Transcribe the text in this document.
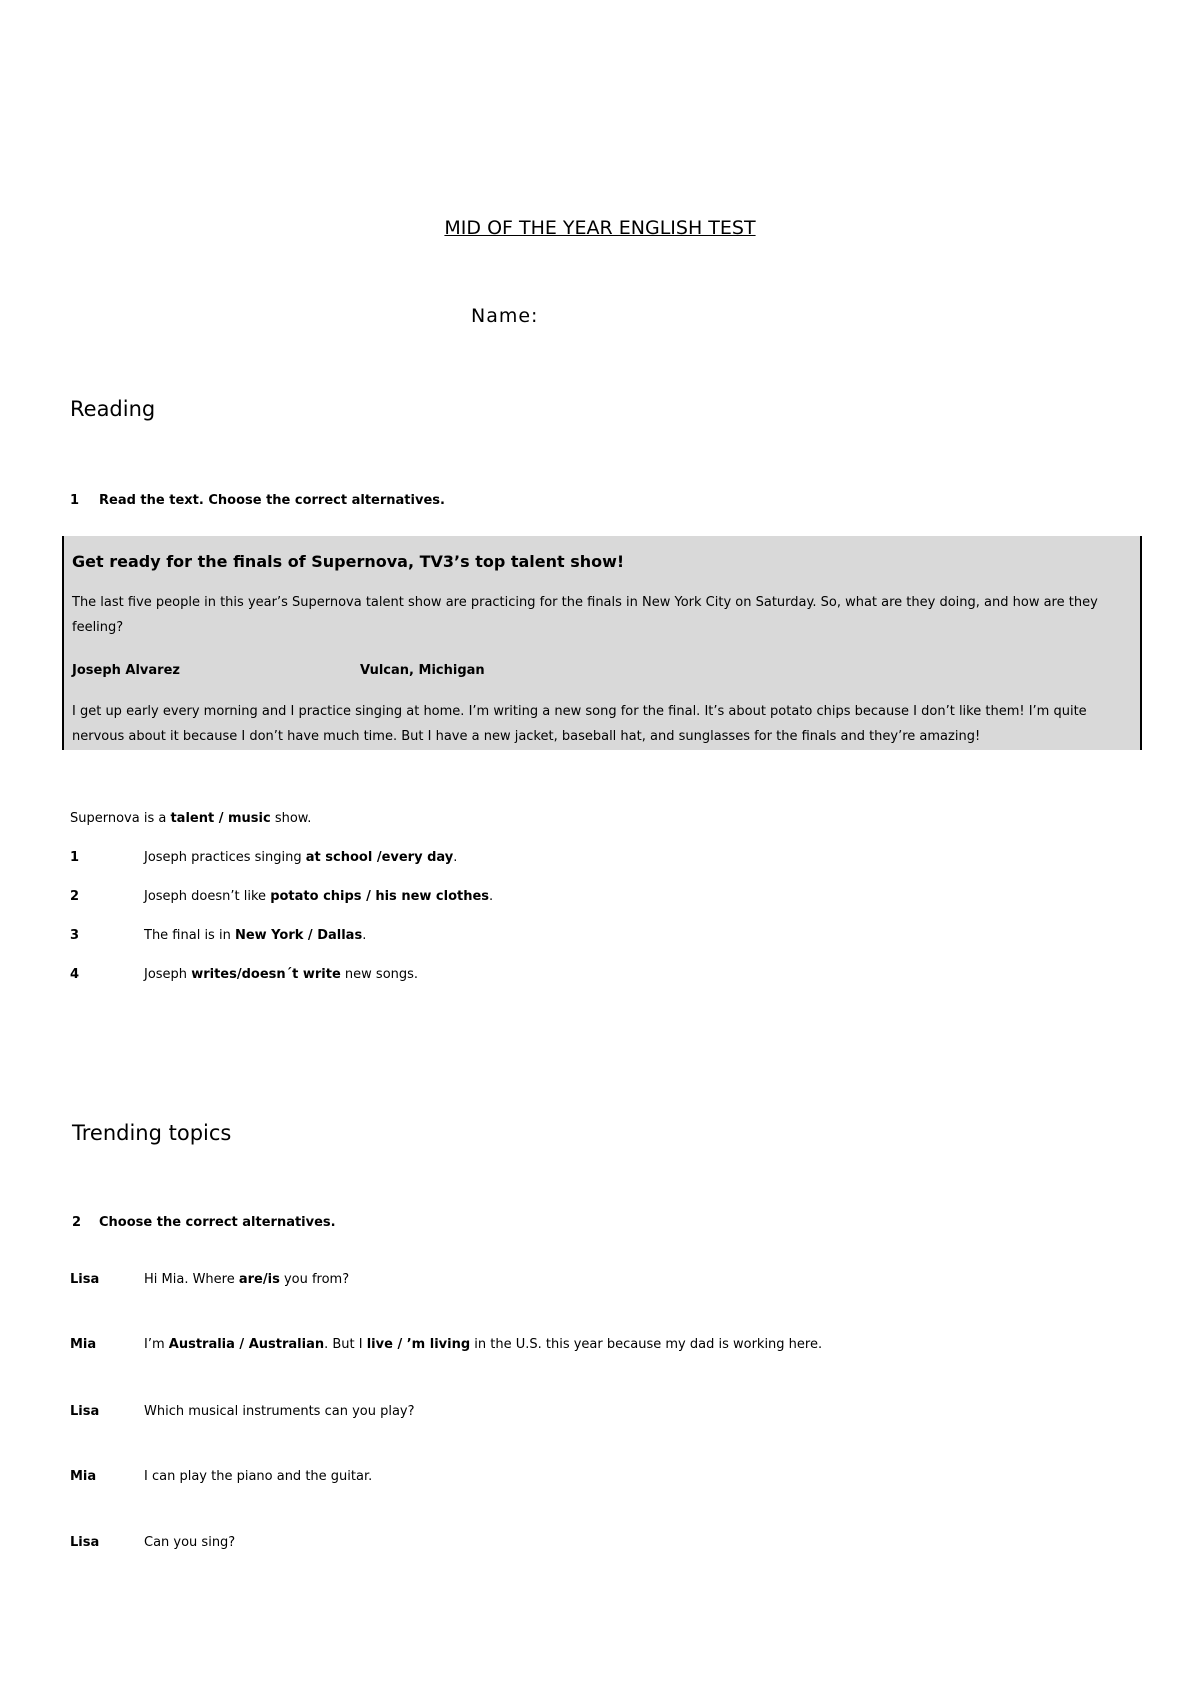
MID OF THE YEAR ENGLISH TEST
Name:
Reading
1 Read the text. Choose the correct alternatives.
Get ready for the finals of Supernova, TV3’s top talent show!
The last five people in this year’s Supernova talent show are practicing for the finals in New York City on Saturday. So, what are they doing, and how are they feeling?
Joseph Alvarez	Vulcan, Michigan
I get up early every morning and I practice singing at home. I’m writing a new song for the final. It’s about potato chips because I don’t like them! I’m quite nervous about it because I don’t have much time. But I have a new jacket, baseball hat, and sunglasses for the finals and they’re amazing!
Supernova is a talent / music show.
1	Joseph practices singing at school /every day.
2	Joseph doesn’t like potato chips / his new clothes.
3	The final is in New York / Dallas.
4	Joseph writes/doesn´t write new songs.
Trending topics
2 Choose the correct alternatives.
Lisa	Hi Mia. Where are/is you from?
Mia	I’m Australia / Australian. But I live / ’m living in the U.S. this year because my dad is working here.
Lisa	Which musical instruments can you play?
Mia	I can play the piano and the guitar.
Lisa	Can you sing?
